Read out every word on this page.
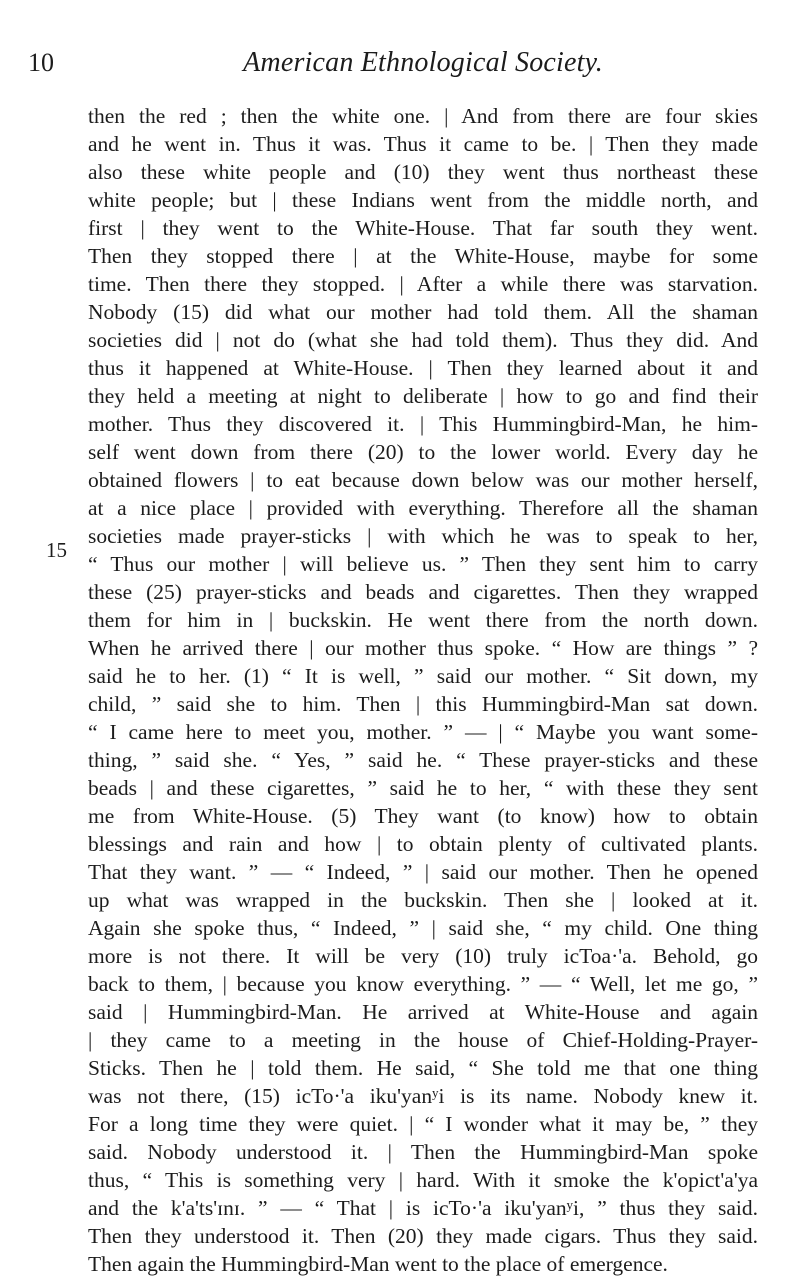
10	American Ethnological Society.
15
then the red ; then the white one. | And from there are four skies
and he went in. Thus it was. Thus it came to be. | Then they made
also these white people and (10) they went thus northeast these
white people; but | these Indians went from the middle north, and
first | they went to the White-House. That far south they went.
Then they stopped there | at the White-House, maybe for some
time. Then there they stopped. | After a while there was starvation.
Nobody (15) did what our mother had told them. All the shaman
societies did | not do (what she had told them). Thus they did. And
thus it happened at White-House. | Then they learned about it and
they held a meeting at night to deliberate | how to go and find their
mother. Thus they discovered it. | This Hummingbird-Man, he him-
self went down from there (20) to the lower world. Every day he
obtained flowers | to eat because down below was our mother herself,
at a nice place | provided with everything. Therefore all the shaman
societies made prayer-sticks | with which he was to speak to her,
“ Thus our mother | will believe us. ” Then they sent him to carry
these (25) prayer-sticks and beads and cigarettes. Then they wrapped
them for him in | buckskin. He went there from the north down.
When he arrived there | our mother thus spoke. “ How are things ” ?
said he to her. (1) “ It is well, ” said our mother. “ Sit down, my
child, ” said she to him. Then | this Hummingbird-Man sat down.
“ I came here to meet you, mother. ” — | “ Maybe you want some-
thing, ” said she. “ Yes, ” said he. “ These prayer-sticks and these
beads | and these cigarettes, ” said he to her, “ with these they sent
me from White-House. (5) They want (to know) how to obtain
blessings and rain and how | to obtain plenty of cultivated plants.
That they want. ” — “ Indeed, ” | said our mother. Then he opened
up what was wrapped in the buckskin. Then she | looked at it.
Again she spoke thus, “ Indeed, ” | said she, “ my child. One thing
more is not there. It will be very (10) truly icToa·'a. Behold, go
back to them, | because you know everything. ” — “ Well, let me go, ”
said | Hummingbird-Man. He arrived at White-House and again
| they came to a meeting in the house of Chief-Holding-Prayer-
Sticks. Then he | told them. He said, “ She told me that one thing
was not there, (15) icTo·'a iku'yanʸi is its name. Nobody knew it.
For a long time they were quiet. | “ I wonder what it may be, ” they
said. Nobody understood it. | Then the Hummingbird-Man spoke
thus, “ This is something very | hard. With it smoke the k'opict'a'ya
and the k'a'ts'ɪnɪ. ” — “ That | is icTo·'a iku'yanʸi, ” thus they said.
Then they understood it. Then (20) they made cigars. Thus they said.
Then again the Hummingbird-Man went to the place of emergence.
